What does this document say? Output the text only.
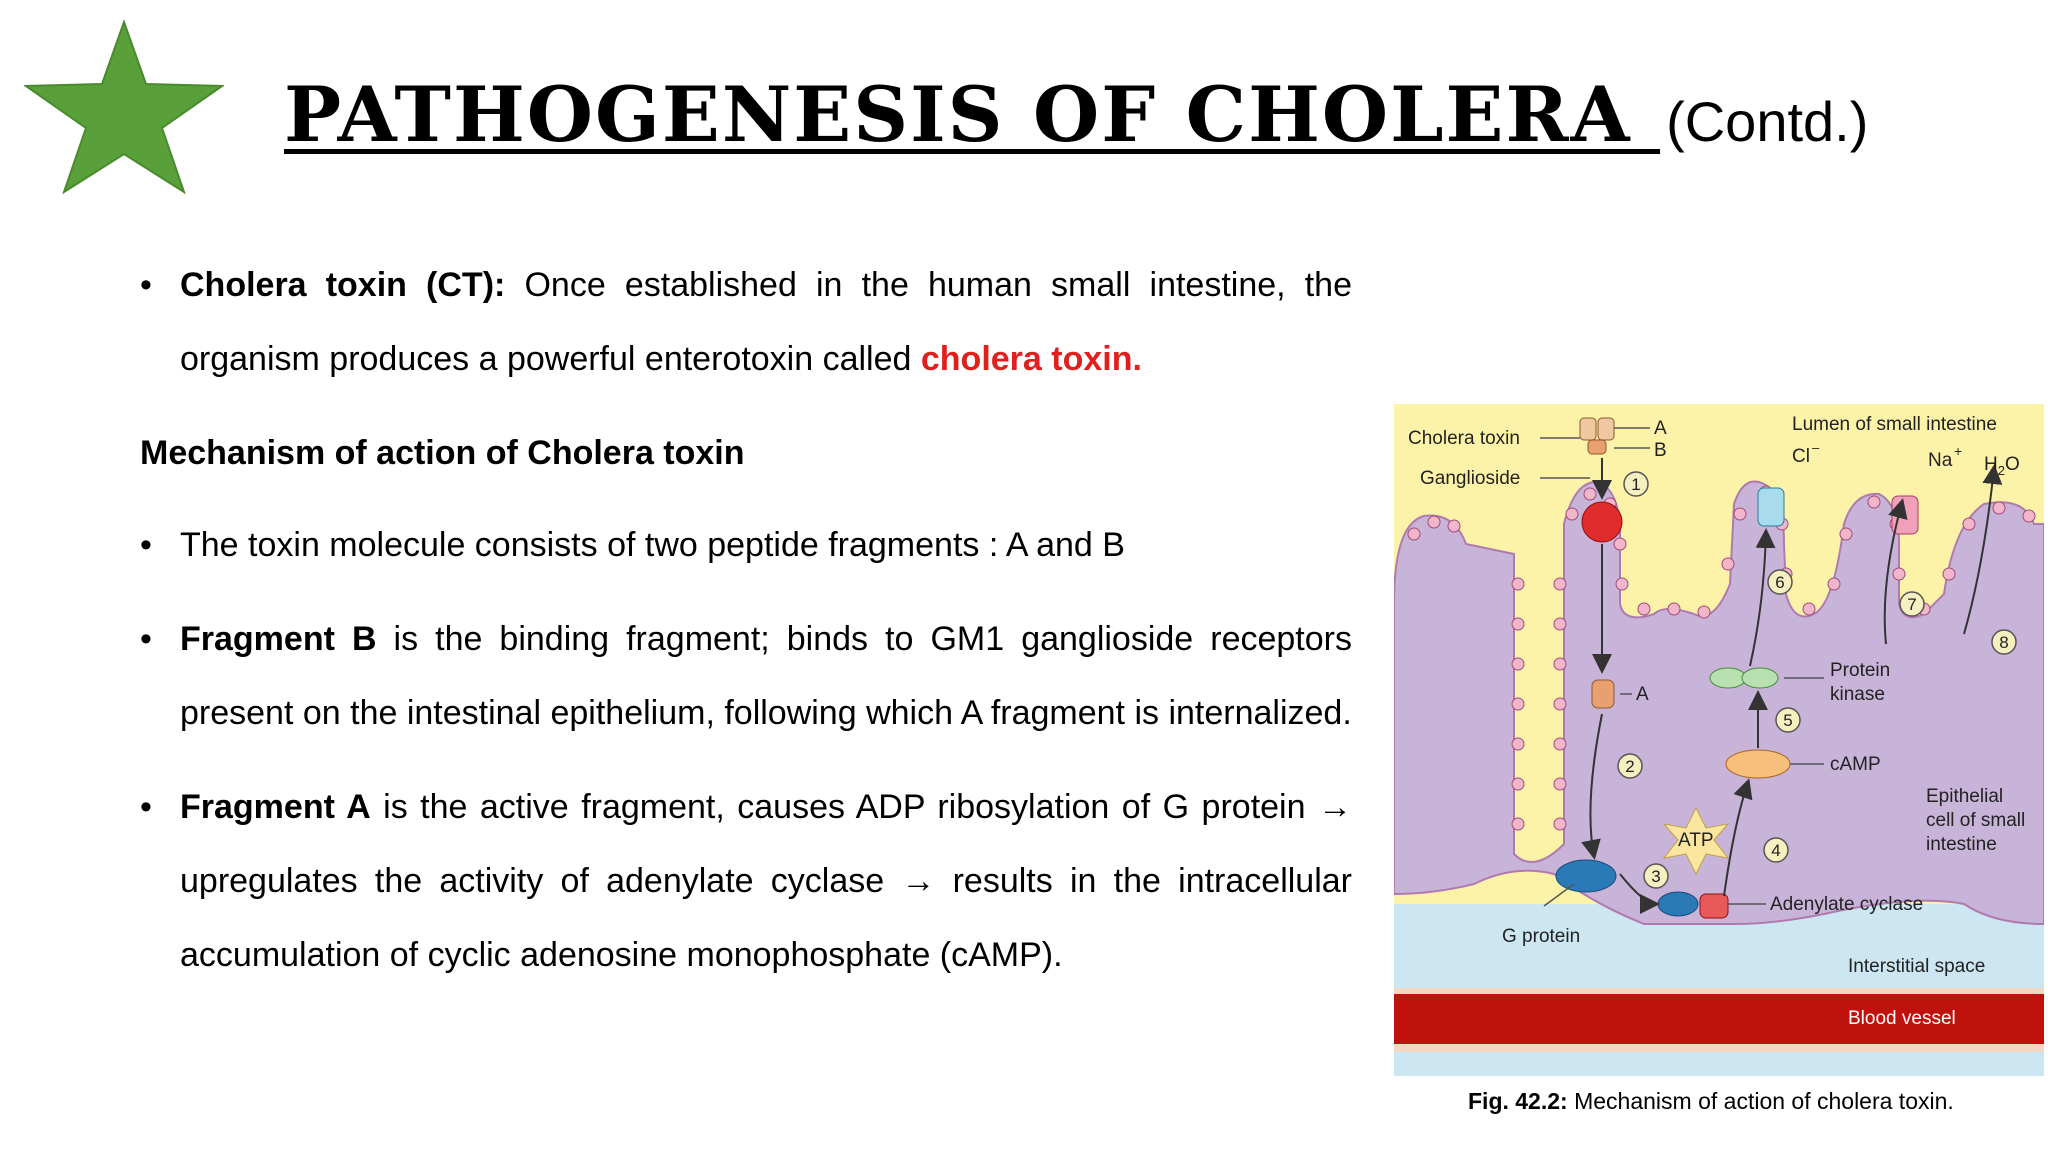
PATHOGENESIS OF CHOLERA (Contd.)
• Cholera toxin (CT): Once established in the human small intestine, the organism produces a powerful enterotoxin called cholera toxin.
Mechanism of action of Cholera toxin
• The toxin molecule consists of two peptide fragments : A and B
• Fragment B is the binding fragment; binds to GM1 ganglioside receptors present on the intestinal epithelium, following which A fragment is internalized.
• Fragment A is the active fragment, causes ADP ribosylation of G protein → upregulates the activity of adenylate cyclase → results in the intracellular accumulation of cyclic adenosine monophosphate (cAMP).
1
2
3
4
5
6
7
8
Cholera toxin	A
B
Ganglioside
Lumen of small intestine
Cl –
Na +
$H_2O$
A
Protein
kinase
cAMP
ATP
Epithelial
cell of small
intestine
Adenylate cyclase
G protein
Interstitial space
Blood vessel
Fig. 42.2: Mechanism of action of cholera toxin.
